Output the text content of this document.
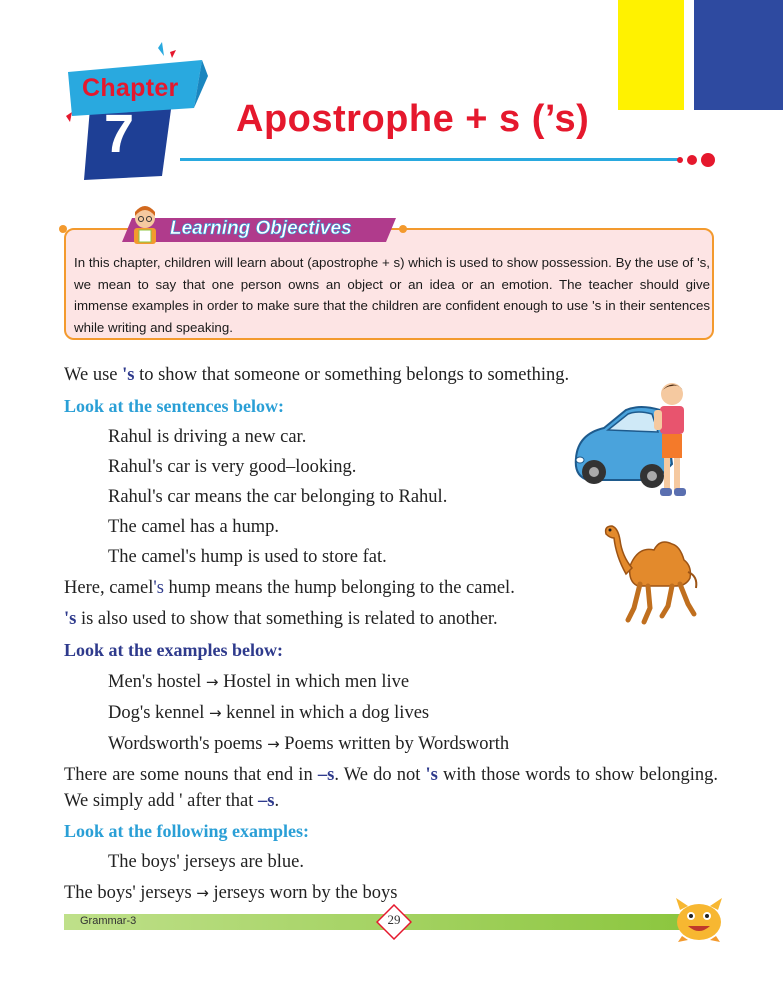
Chapter
7	Apostrophe + s (’s)
Learning Objectives
In this chapter, children will learn about (apostrophe + s) which is used to show possession. By the use of 's, we mean to say that one person owns an object or an idea or an emotion. The teacher should give immense examples in order to make sure that the children are confident enough to use 's in their sentences while writing and speaking.
We use 's to show that someone or something belongs to something.
Look at the sentences below:
Rahul is driving a new car.
Rahul's car is very good–looking.
Rahul's car means the car belonging to Rahul.
The camel has a hump.
The camel's hump is used to store fat.
Here, camel's hump means the hump belonging to the camel.
's is also used to show that something is related to another.
Look at the examples below:
Men's hostel → Hostel in which men live
Dog's kennel → kennel in which a dog lives
Wordsworth's poems → Poems written by Wordsworth
There are some nouns that end in –s. We do not 's with those words to show belonging. We simply add ' after that –s.
Look at the following examples:
The boys' jerseys are blue.
The boys' jerseys → jerseys worn by the boys
Grammar-3	29
